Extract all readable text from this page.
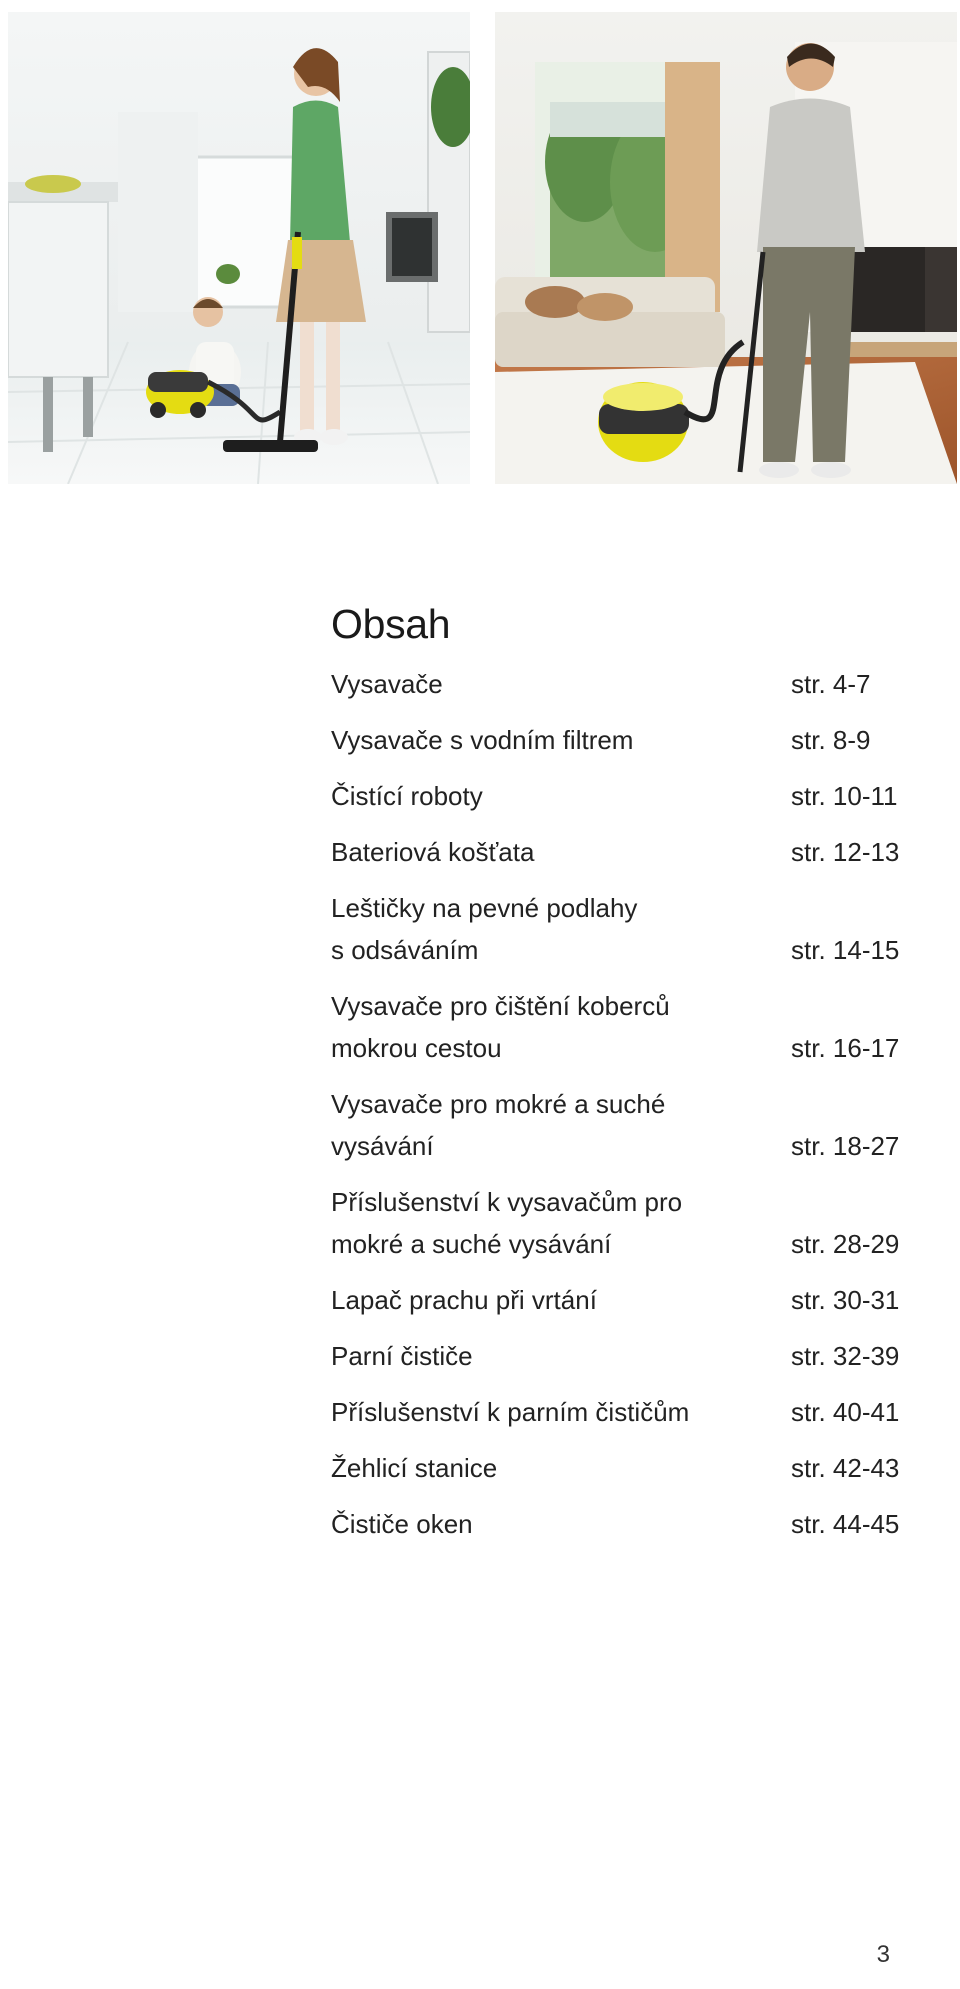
Obsah
Vysavače	str. 4-7
Vysavače s vodním filtrem	str. 8-9
Čistící roboty	str. 10-11
Bateriová košťata	str. 12-13
Leštičky na pevné podlahy
s odsáváním	str. 14-15
Vysavače pro čištění koberců
mokrou cestou	str. 16-17
Vysavače pro mokré a suché
vysávání	str. 18-27
Příslušenství k vysavačům pro
mokré a suché vysávání	str. 28-29
Lapač prachu při vrtání	str. 30-31
Parní čističe	str. 32-39
Příslušenství k parním čističům	str. 40-41
Žehlicí stanice	str. 42-43
Čističe oken	str. 44-45
3
